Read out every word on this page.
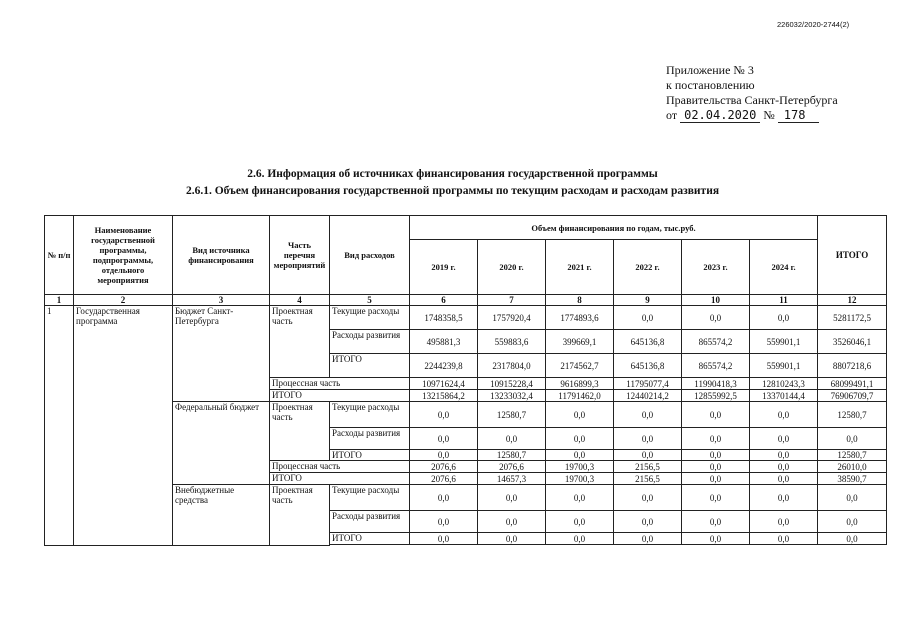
226032/2020-2744(2)
Приложение № 3
к постановлению
Правительства Санкт-Петербурга
от 02.04.2020 № 178
2.6. Информация об источниках финансирования государственной программы
2.6.1. Объем финансирования государственной программы по текущим расходам и расходам развития
№ п/п	Наименование государственной программы, подпрограммы, отдельного мероприятия	Вид источника финансирования	Часть перечня мероприятий	Вид расходов	Объем финансирования по годам, тыс.руб.						ИТОГО
					2019 г.	2020 г.	2021 г.	2022 г.	2023 г.	2024 г.	
1	2	3	4	5	6	7	8	9	10	11	12
1	Государственная программа	Бюджет Санкт-Петербурга	Проектная часть	Текущие расходы	1748358,5	1757920,4	1774893,6	0,0	0,0	0,0	5281172,5
				Расходы развития	495881,3	559883,6	399669,1	645136,8	865574,2	559901,1	3526046,1
				ИТОГО	2244239,8	2317804,0	2174562,7	645136,8	865574,2	559901,1	8807218,6
			Процессная часть		10971624,4	10915228,4	9616899,3	11795077,4	11990418,3	12810243,3	68099491,1
			ИТОГО		13215864,2	13233032,4	11791462,0	12440214,2	12855992,5	13370144,4	76906709,7
		Федеральный бюджет	Проектная часть	Текущие расходы	0,0	12580,7	0,0	0,0	0,0	0,0	12580,7
				Расходы развития	0,0	0,0	0,0	0,0	0,0	0,0	0,0
				ИТОГО	0,0	12580,7	0,0	0,0	0,0	0,0	12580,7
			Процессная часть		2076,6	2076,6	19700,3	2156,5	0,0	0,0	26010,0
			ИТОГО		2076,6	14657,3	19700,3	2156,5	0,0	0,0	38590,7
		Внебюджетные средства	Проектная часть	Текущие расходы	0,0	0,0	0,0	0,0	0,0	0,0	0,0
				Расходы развития	0,0	0,0	0,0	0,0	0,0	0,0	0,0
				ИТОГО	0,0	0,0	0,0	0,0	0,0	0,0	0,0
